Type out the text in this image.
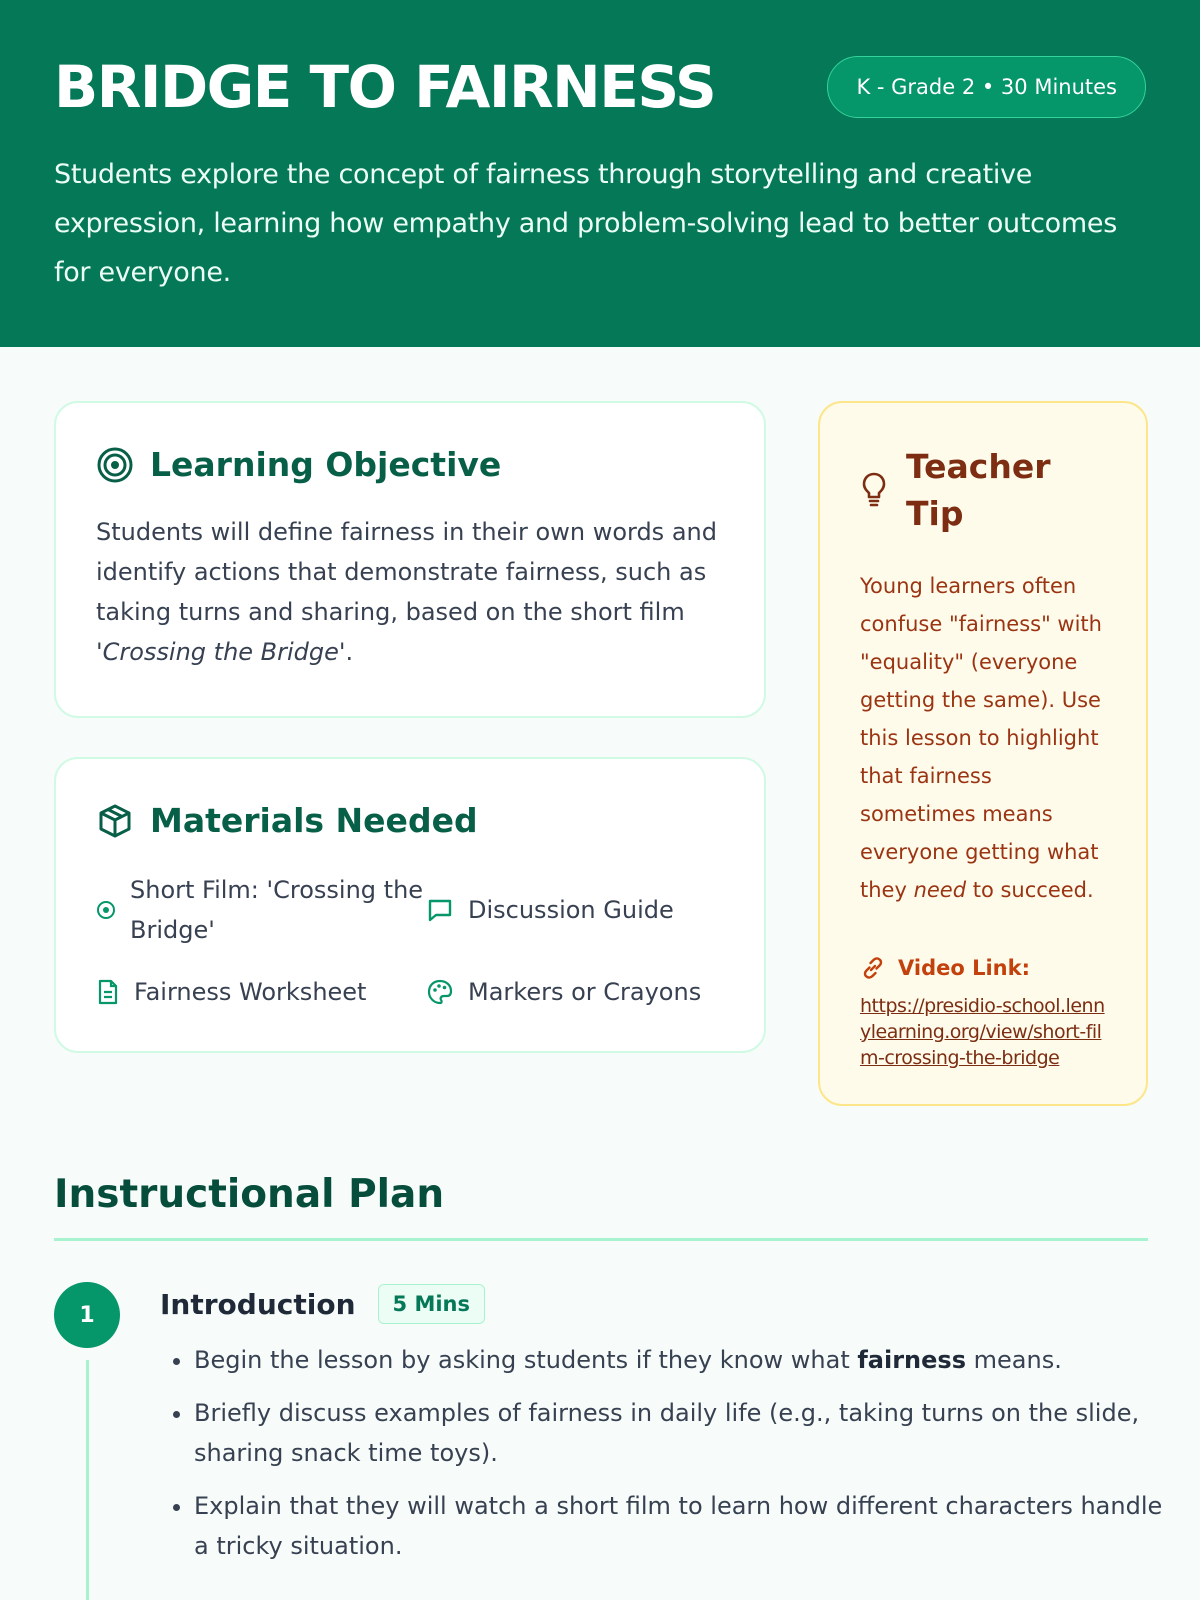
BRIDGE TO FAIRNESS	K - Grade 2 • 30 Minutes

Students explore the concept of fairness through storytelling and creative expression, learning how empathy and problem-solving lead to better outcomes for everyone.

Learning Objective

Students will define fairness in their own words and identify actions that demonstrate fairness, such as taking turns and sharing, based on the short film 'Crossing the Bridge'.

Materials Needed
Short Film: 'Crossing the Bridge'
Discussion Guide
Fairness Worksheet	Markers or Crayons
Teacher Tip

Young learners often confuse "fairness" with "equality" (everyone getting the same). Use this lesson to highlight that fairness sometimes means everyone getting what they need to succeed.

Video Link:
https://presidio-school.lennylearning.org/view/short-film-crossing-the-bridge
Instructional Plan
1	Introduction	5 Mins
• Begin the lesson by asking students if they know what fairness means.
• Briefly discuss examples of fairness in daily life (e.g., taking turns on the slide, sharing snack time toys).
• Explain that they will watch a short film to learn how different characters handle a tricky situation.
